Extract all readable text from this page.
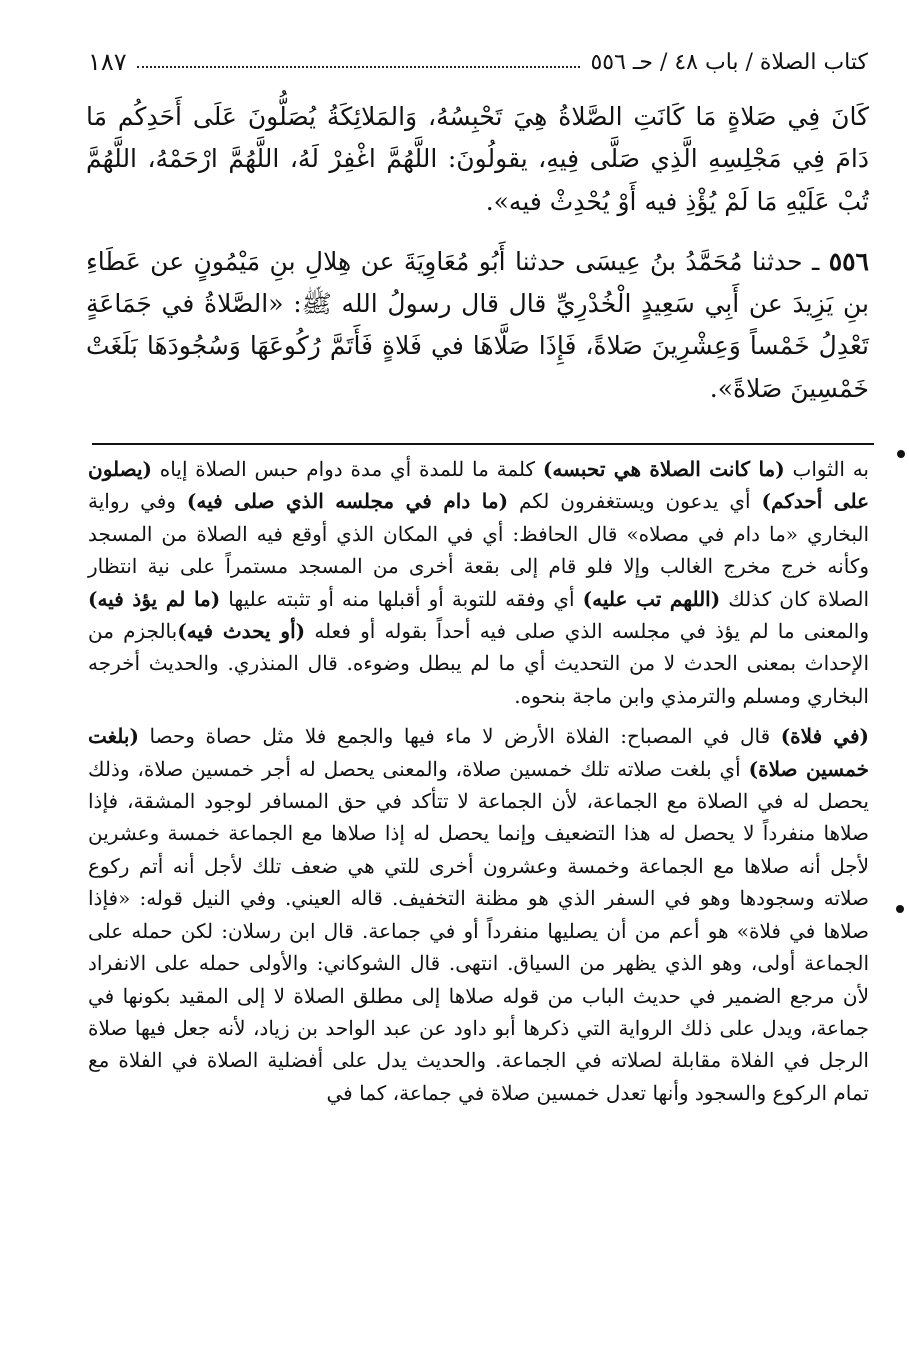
كتاب الصلاة / باب ٤٨ / حـ ٥٥٦
١٨٧

كَانَ فِي صَلاةٍ مَا كَانَتِ الصَّلاةُ هِيَ تَحْبِسُهُ، وَالمَلائِكَةُ يُصَلُّونَ عَلَى أَحَدِكُم مَا دَامَ فِي مَجْلِسِهِ الَّذِي صَلَّى فِيهِ، يقولُونَ: اللَّهُمَّ اغْفِرْ لَهُ، اللَّهُمَّ ارْحَمْهُ، اللَّهُمَّ تُبْ عَلَيْهِ مَا لَمْ يُؤْذِ فيه أَوْ يُحْدِثْ فيه».

٥٥٦ ـ حدثنا مُحَمَّدُ بنُ عِيسَى حدثنا أَبُو مُعَاوِيَةَ عن هِلالِ بنِ مَيْمُونٍ عن عَطَاءِ بنِ يَزِيدَ عن أَبِي سَعِيدٍ الْخُدْرِيِّ قال قال رسولُ الله ﷺ: «الصَّلاةُ في جَمَاعَةٍ تَعْدِلُ خَمْساً وَعِشْرِينَ صَلاةً، فَإِذَا صَلَّاهَا في فَلاةٍ فَأَتَمَّ رُكُوعَهَا وَسُجُودَهَا بَلَغَتْ خَمْسِينَ صَلاةً».

به الثواب (ما كانت الصلاة هي تحبسه) كلمة ما للمدة أي مدة دوام حبس الصلاة إياه (يصلون على أحدكم) أي يدعون ويستغفرون لكم (ما دام في مجلسه الذي صلى فيه) وفي رواية البخاري «ما دام في مصلاه» قال الحافظ: أي في المكان الذي أوقع فيه الصلاة من المسجد وكأنه خرج مخرج الغالب وإلا فلو قام إلى بقعة أخرى من المسجد مستمراً على نية انتظار الصلاة كان كذلك (اللهم تب عليه) أي وفقه للتوبة أو أقبلها منه أو تثبته عليها (ما لم يؤذ فيه) والمعنى ما لم يؤذ في مجلسه الذي صلى فيه أحداً بقوله أو فعله (أو يحدث فيه)بالجزم من الإحداث بمعنى الحدث لا من التحديث أي ما لم يبطل وضوءه. قال المنذري. والحديث أخرجه البخاري ومسلم والترمذي وابن ماجة بنحوه.

(في فلاة) قال في المصباح: الفلاة الأرض لا ماء فيها والجمع فلا مثل حصاة وحصا (بلغت خمسين صلاة) أي بلغت صلاته تلك خمسين صلاة، والمعنى يحصل له أجر خمسين صلاة، وذلك يحصل له في الصلاة مع الجماعة، لأن الجماعة لا تتأكد في حق المسافر لوجود المشقة، فإذا صلاها منفرداً لا يحصل له هذا التضعيف وإنما يحصل له إذا صلاها مع الجماعة خمسة وعشرين لأجل أنه صلاها مع الجماعة وخمسة وعشرون أخرى للتي هي ضعف تلك لأجل أنه أتم ركوع صلاته وسجودها وهو في السفر الذي هو مظنة التخفيف. قاله العيني. وفي النيل قوله: «فإذا صلاها في فلاة» هو أعم من أن يصليها منفرداً أو في جماعة. قال ابن رسلان: لكن حمله على الجماعة أولى، وهو الذي يظهر من السياق. انتهى. قال الشوكاني: والأولى حمله على الانفراد لأن مرجع الضمير في حديث الباب من قوله صلاها إلى مطلق الصلاة لا إلى المقيد بكونها في جماعة، ويدل على ذلك الرواية التي ذكرها أبو داود عن عبد الواحد بن زياد، لأنه جعل فيها صلاة الرجل في الفلاة مقابلة لصلاته في الجماعة. والحديث يدل على أفضلية الصلاة في الفلاة مع تمام الركوع والسجود وأنها تعدل خمسين صلاة في جماعة، كما في
